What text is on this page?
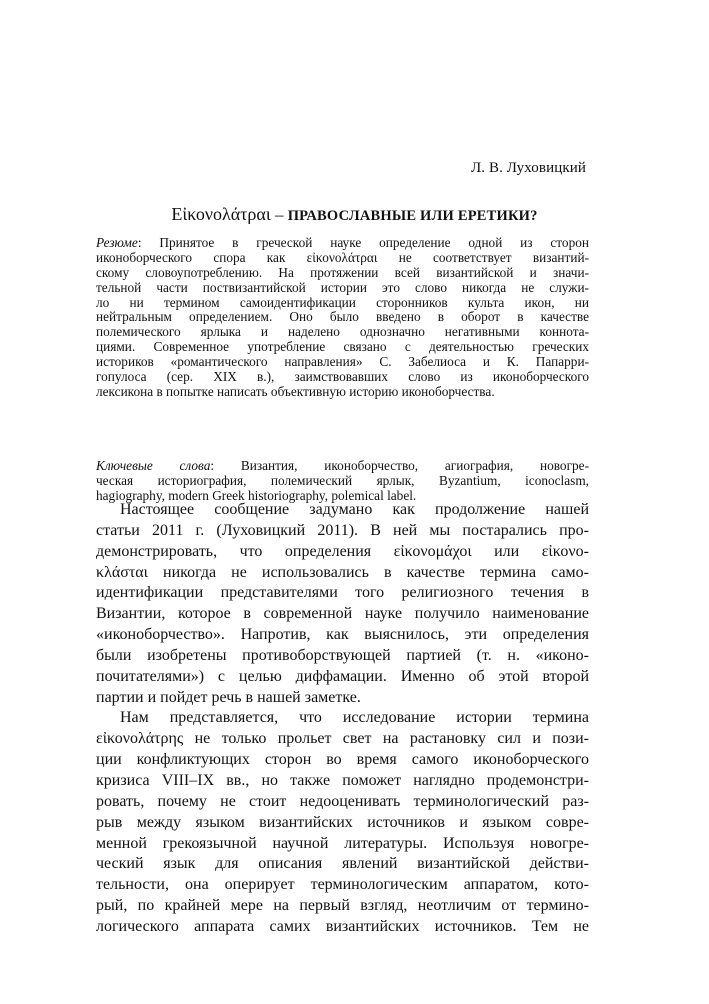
Л. В. Луховицкий
Εἰκονολάτραι – ПРАВОСЛАВНЫЕ ИЛИ ЕРЕТИКИ?
Резюме: Принятое в греческой науке определение одной из сторон
иконоборческого спора как εἰκονολάτραι не соответствует византий-
скому словоупотреблению. На протяжении всей византийской и значи-
тельной части поствизантийской истории это слово никогда не служи-
ло ни термином самоидентификации сторонников культа икон, ни
нейтральным определением. Оно было введено в оборот в качестве
полемического ярлыка и наделено однозначно негативными коннота-
циями. Современное употребление связано с деятельностью греческих
историков «романтического направления» С. Забелиоса и К. Папарри-
гопулоса (сер. XIX в.), заимствовавших слово из иконоборческого
лексикона в попытке написать объективную историю иконоборчества.
Ключевые слова: Византия, иконоборчество, агиография, новогре-
ческая историография, полемический ярлык, Byzantium, iconoclasm,
hagiography, modern Greek historiography, polemical label.
Настоящее сообщение задумано как продолжение нашей
статьи 2011 г. (Луховицкий 2011). В ней мы постарались про-
демонстрировать, что определения εἰκονομάχοι или εἰκονο-
κλάσται никогда не использовались в качестве термина само-
идентификации представителями того религиозного течения в
Византии, которое в современной науке получило наименование
«иконоборчество». Напротив, как выяснилось, эти определения
были изобретены противоборствующей партией (т. н. «иконо-
почитателями») с целью диффамации. Именно об этой второй
партии и пойдет речь в нашей заметке.
Нам представляется, что исследование истории термина
εἰκονολάτρης не только прольет свет на растановку сил и пози-
ции конфликтующих сторон во время самого иконоборческого
кризиса VIII–IX вв., но также поможет наглядно продемонстри-
ровать, почему не стоит недооценивать терминологический раз-
рыв между языком византийских источников и языком совре-
менной грекоязычной научной литературы. Используя новогре-
ческий язык для описания явлений византийской действи-
тельности, она оперирует терминологическим аппаратом, кото-
рый, по крайней мере на первый взгляд, неотличим от термино-
логического аппарата самих византийских источников. Тем не
